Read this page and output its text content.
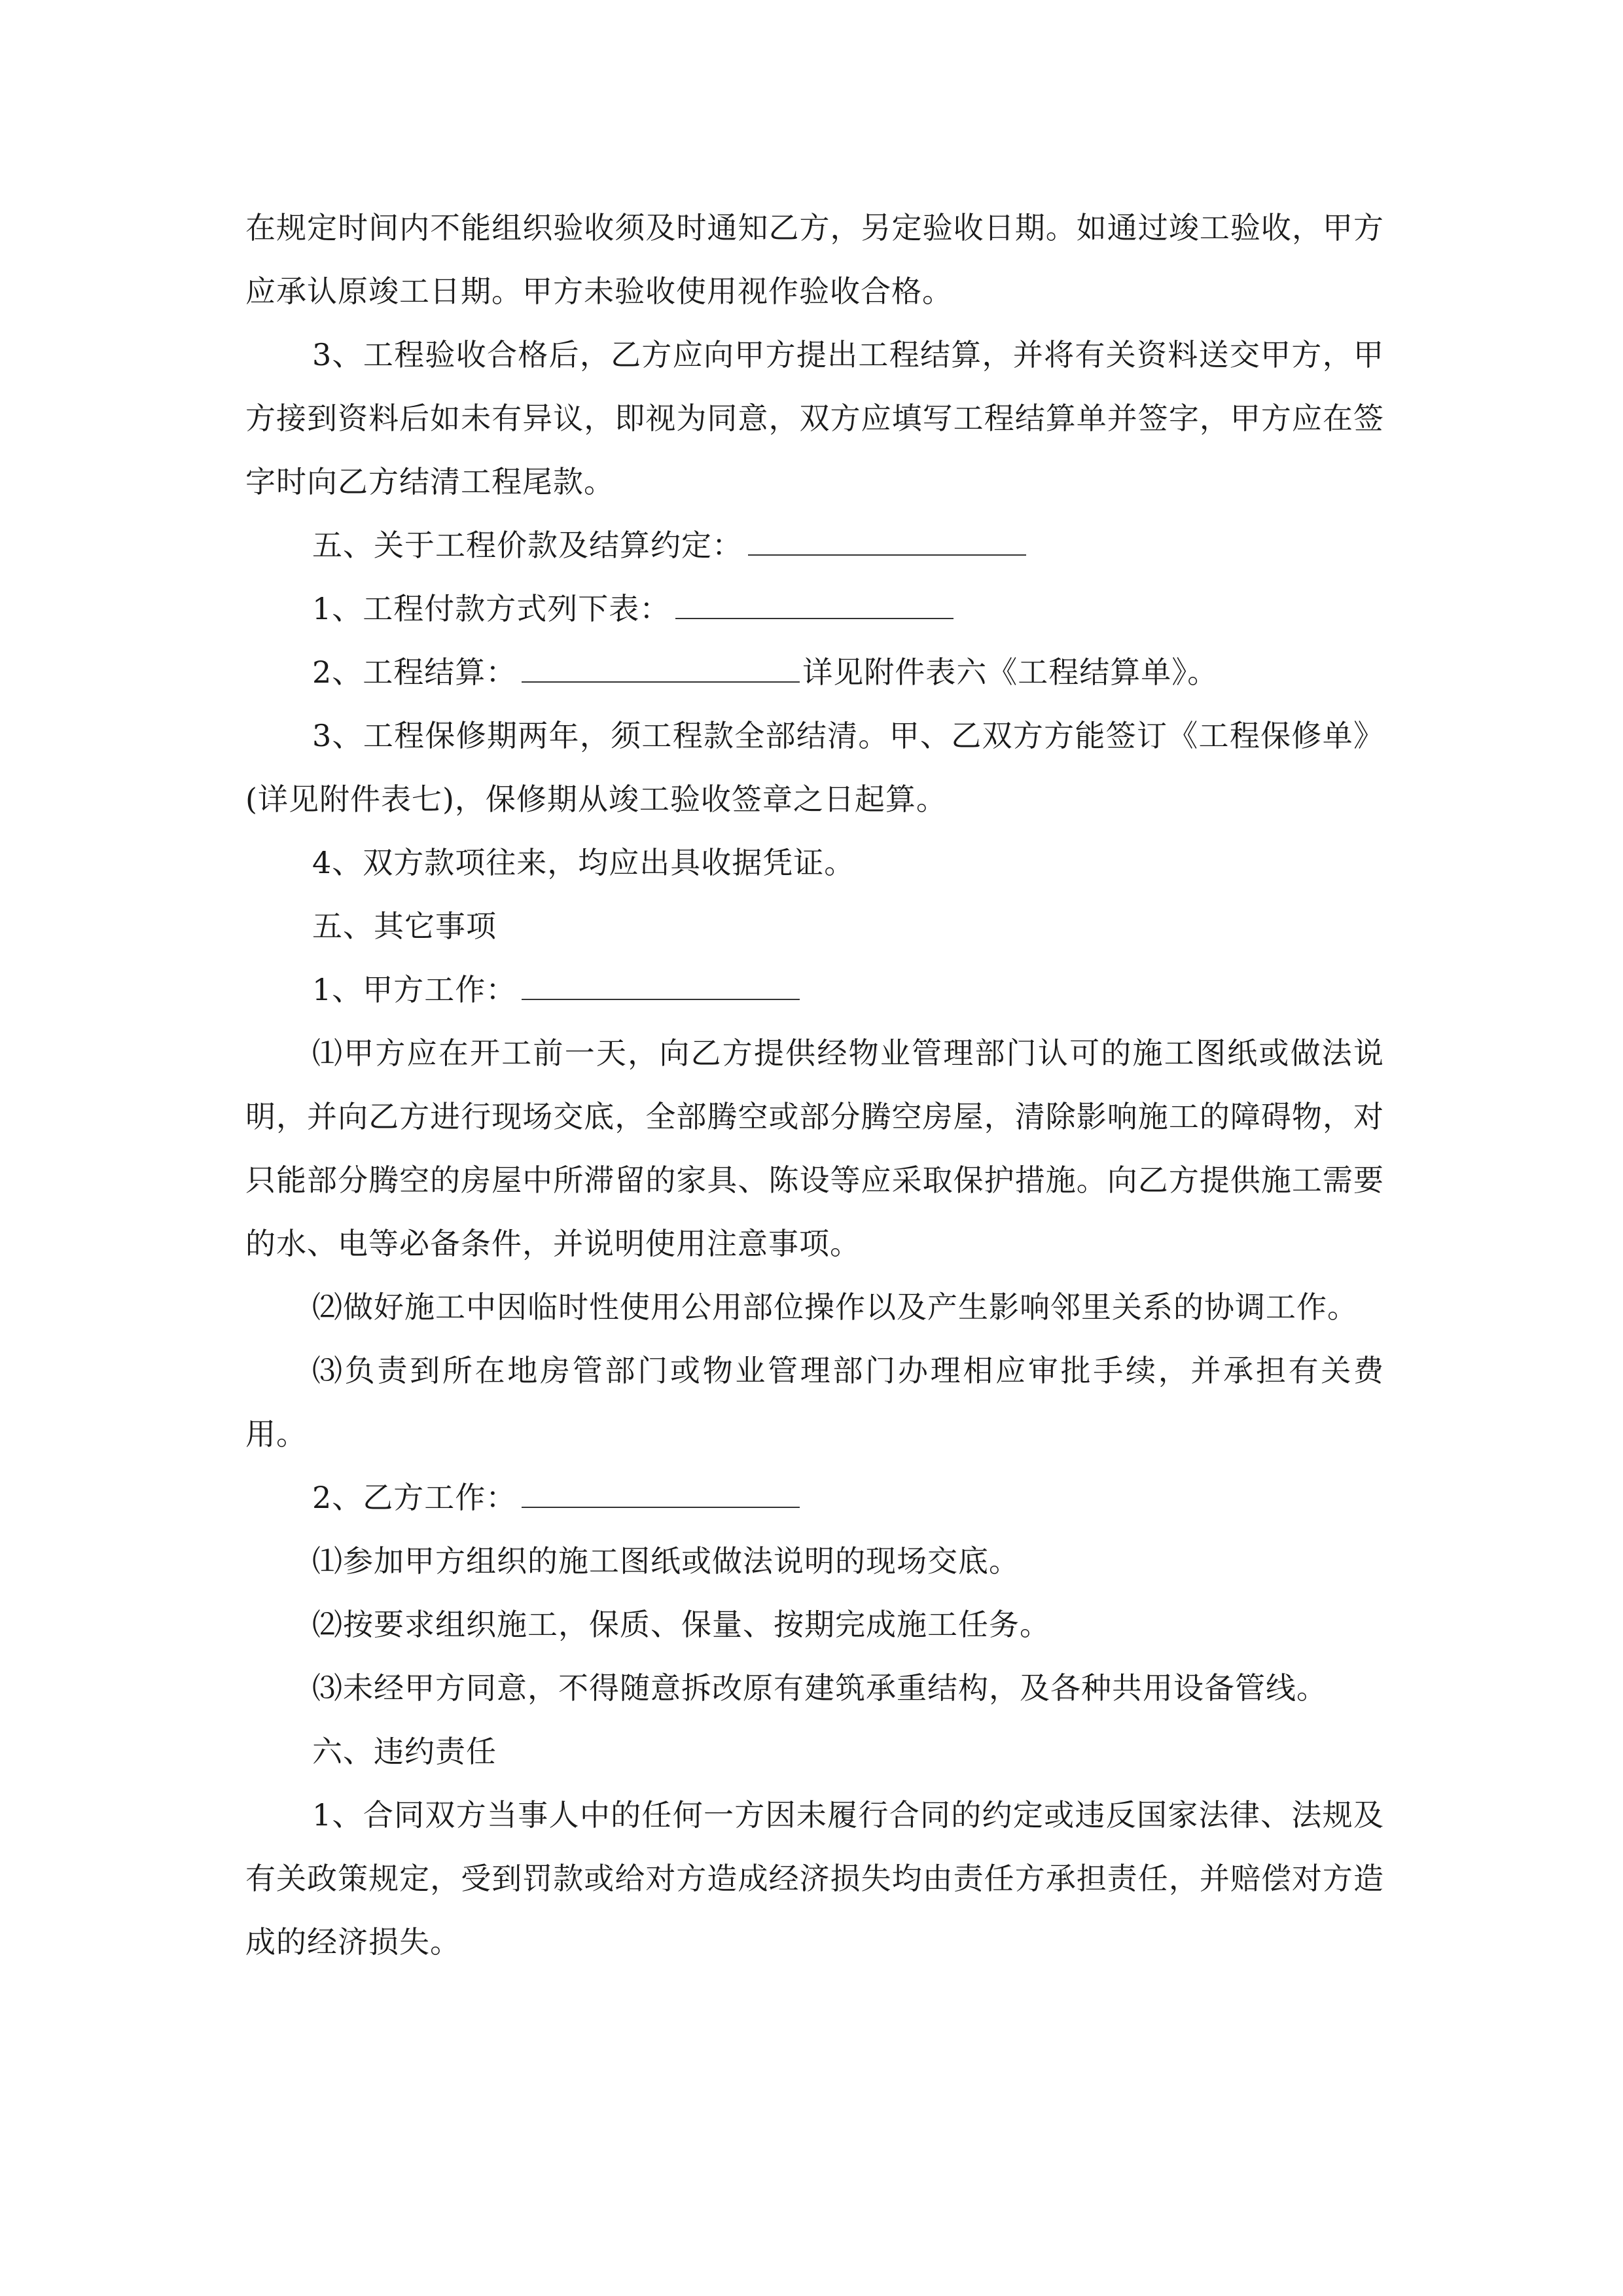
在规定时间内不能组织验收须及时通知乙方，另定验收日期。如通过竣工验收，甲方应承认原竣工日期。甲方未验收使用视作验收合格。

3、工程验收合格后，乙方应向甲方提出工程结算，并将有关资料送交甲方，甲方接到资料后如未有异议，即视为同意，双方应填写工程结算单并签字，甲方应在签字时向乙方结清工程尾款。

五、关于工程价款及结算约定：

1、工程付款方式列下表：

2、工程结算：	详见附件表六《工程结算单》。

3、工程保修期两年，须工程款全部结清。甲、乙双方方能签订《工程保修单》(详见附件表七)，保修期从竣工验收签章之日起算。

4、双方款项往来，均应出具收据凭证。

五、其它事项

1、甲方工作：

⑴甲方应在开工前一天，向乙方提供经物业管理部门认可的施工图纸或做法说明，并向乙方进行现场交底，全部腾空或部分腾空房屋，清除影响施工的障碍物，对只能部分腾空的房屋中所滞留的家具、陈设等应采取保护措施。向乙方提供施工需要的水、电等必备条件，并说明使用注意事项。

⑵做好施工中因临时性使用公用部位操作以及产生影响邻里关系的协调工作。

⑶负责到所在地房管部门或物业管理部门办理相应审批手续，并承担有关费用。

2、乙方工作：

⑴参加甲方组织的施工图纸或做法说明的现场交底。

⑵按要求组织施工，保质、保量、按期完成施工任务。

⑶未经甲方同意，不得随意拆改原有建筑承重结构，及各种共用设备管线。

六、违约责任

1、合同双方当事人中的任何一方因未履行合同的约定或违反国家法律、法规及有关政策规定，受到罚款或给对方造成经济损失均由责任方承担责任，并赔偿对方造成的经济损失。
